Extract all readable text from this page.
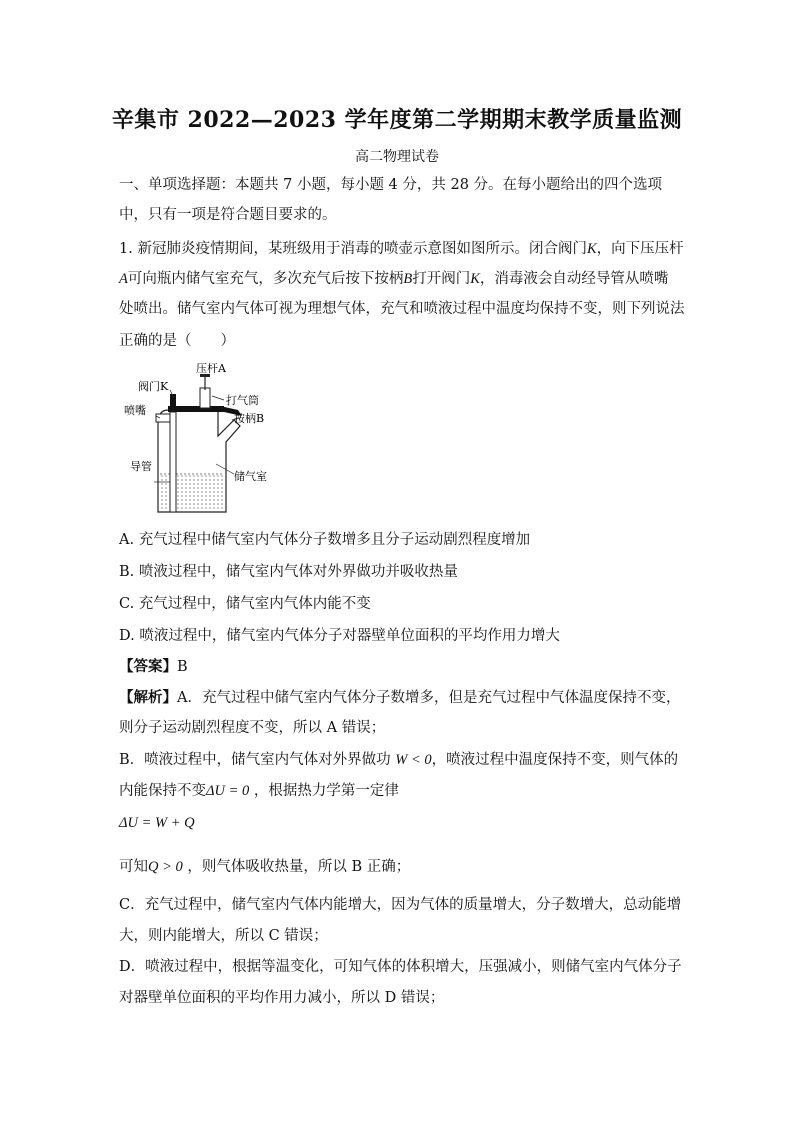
辛集市 2022—2023 学年度第二学期期末教学质量监测
高二物理试卷
一、单项选择题：本题共 7 小题，每小题 4 分，共 28 分。在每小题给出的四个选项中，只有一项是符合题目要求的。
1. 新冠肺炎疫情期间，某班级用于消毒的喷壶示意图如图所示。闭合阀门K，向下压压杆
A可向瓶内储气室充气，多次充气后按下按柄B打开阀门K，消毒液会自动经导管从喷嘴
处喷出。储气室内气体可视为理想气体，充气和喷液过程中温度均保持不变，则下列说法
正确的是（　　）
阀门K
压杆A
喷嘴
打气筒
按柄B
导管
储气室
A. 充气过程中储气室内气体分子数增多且分子运动剧烈程度增加
B. 喷液过程中，储气室内气体对外界做功并吸收热量
C. 充气过程中，储气室内气体内能不变
D. 喷液过程中，储气室内气体分子对器壁单位面积的平均作用力增大
【答案】B
【解析】A．充气过程中储气室内气体分子数增多，但是充气过程中气体温度保持不变，
则分子运动剧烈程度不变，所以 A 错误；
B．喷液过程中，储气室内气体对外界做功 W < 0，喷液过程中温度保持不变，则气体的
内能保持不变ΔU = 0 ，根据热力学第一定律
ΔU = W + Q
可知Q > 0 ，则气体吸收热量，所以 B 正确；
C．充气过程中，储气室内气体内能增大，因为气体的质量增大，分子数增大，总动能增
大，则内能增大，所以 C 错误；
D．喷液过程中，根据等温变化，可知气体的体积增大，压强减小，则储气室内气体分子
对器壁单位面积的平均作用力减小，所以 D 错误；
